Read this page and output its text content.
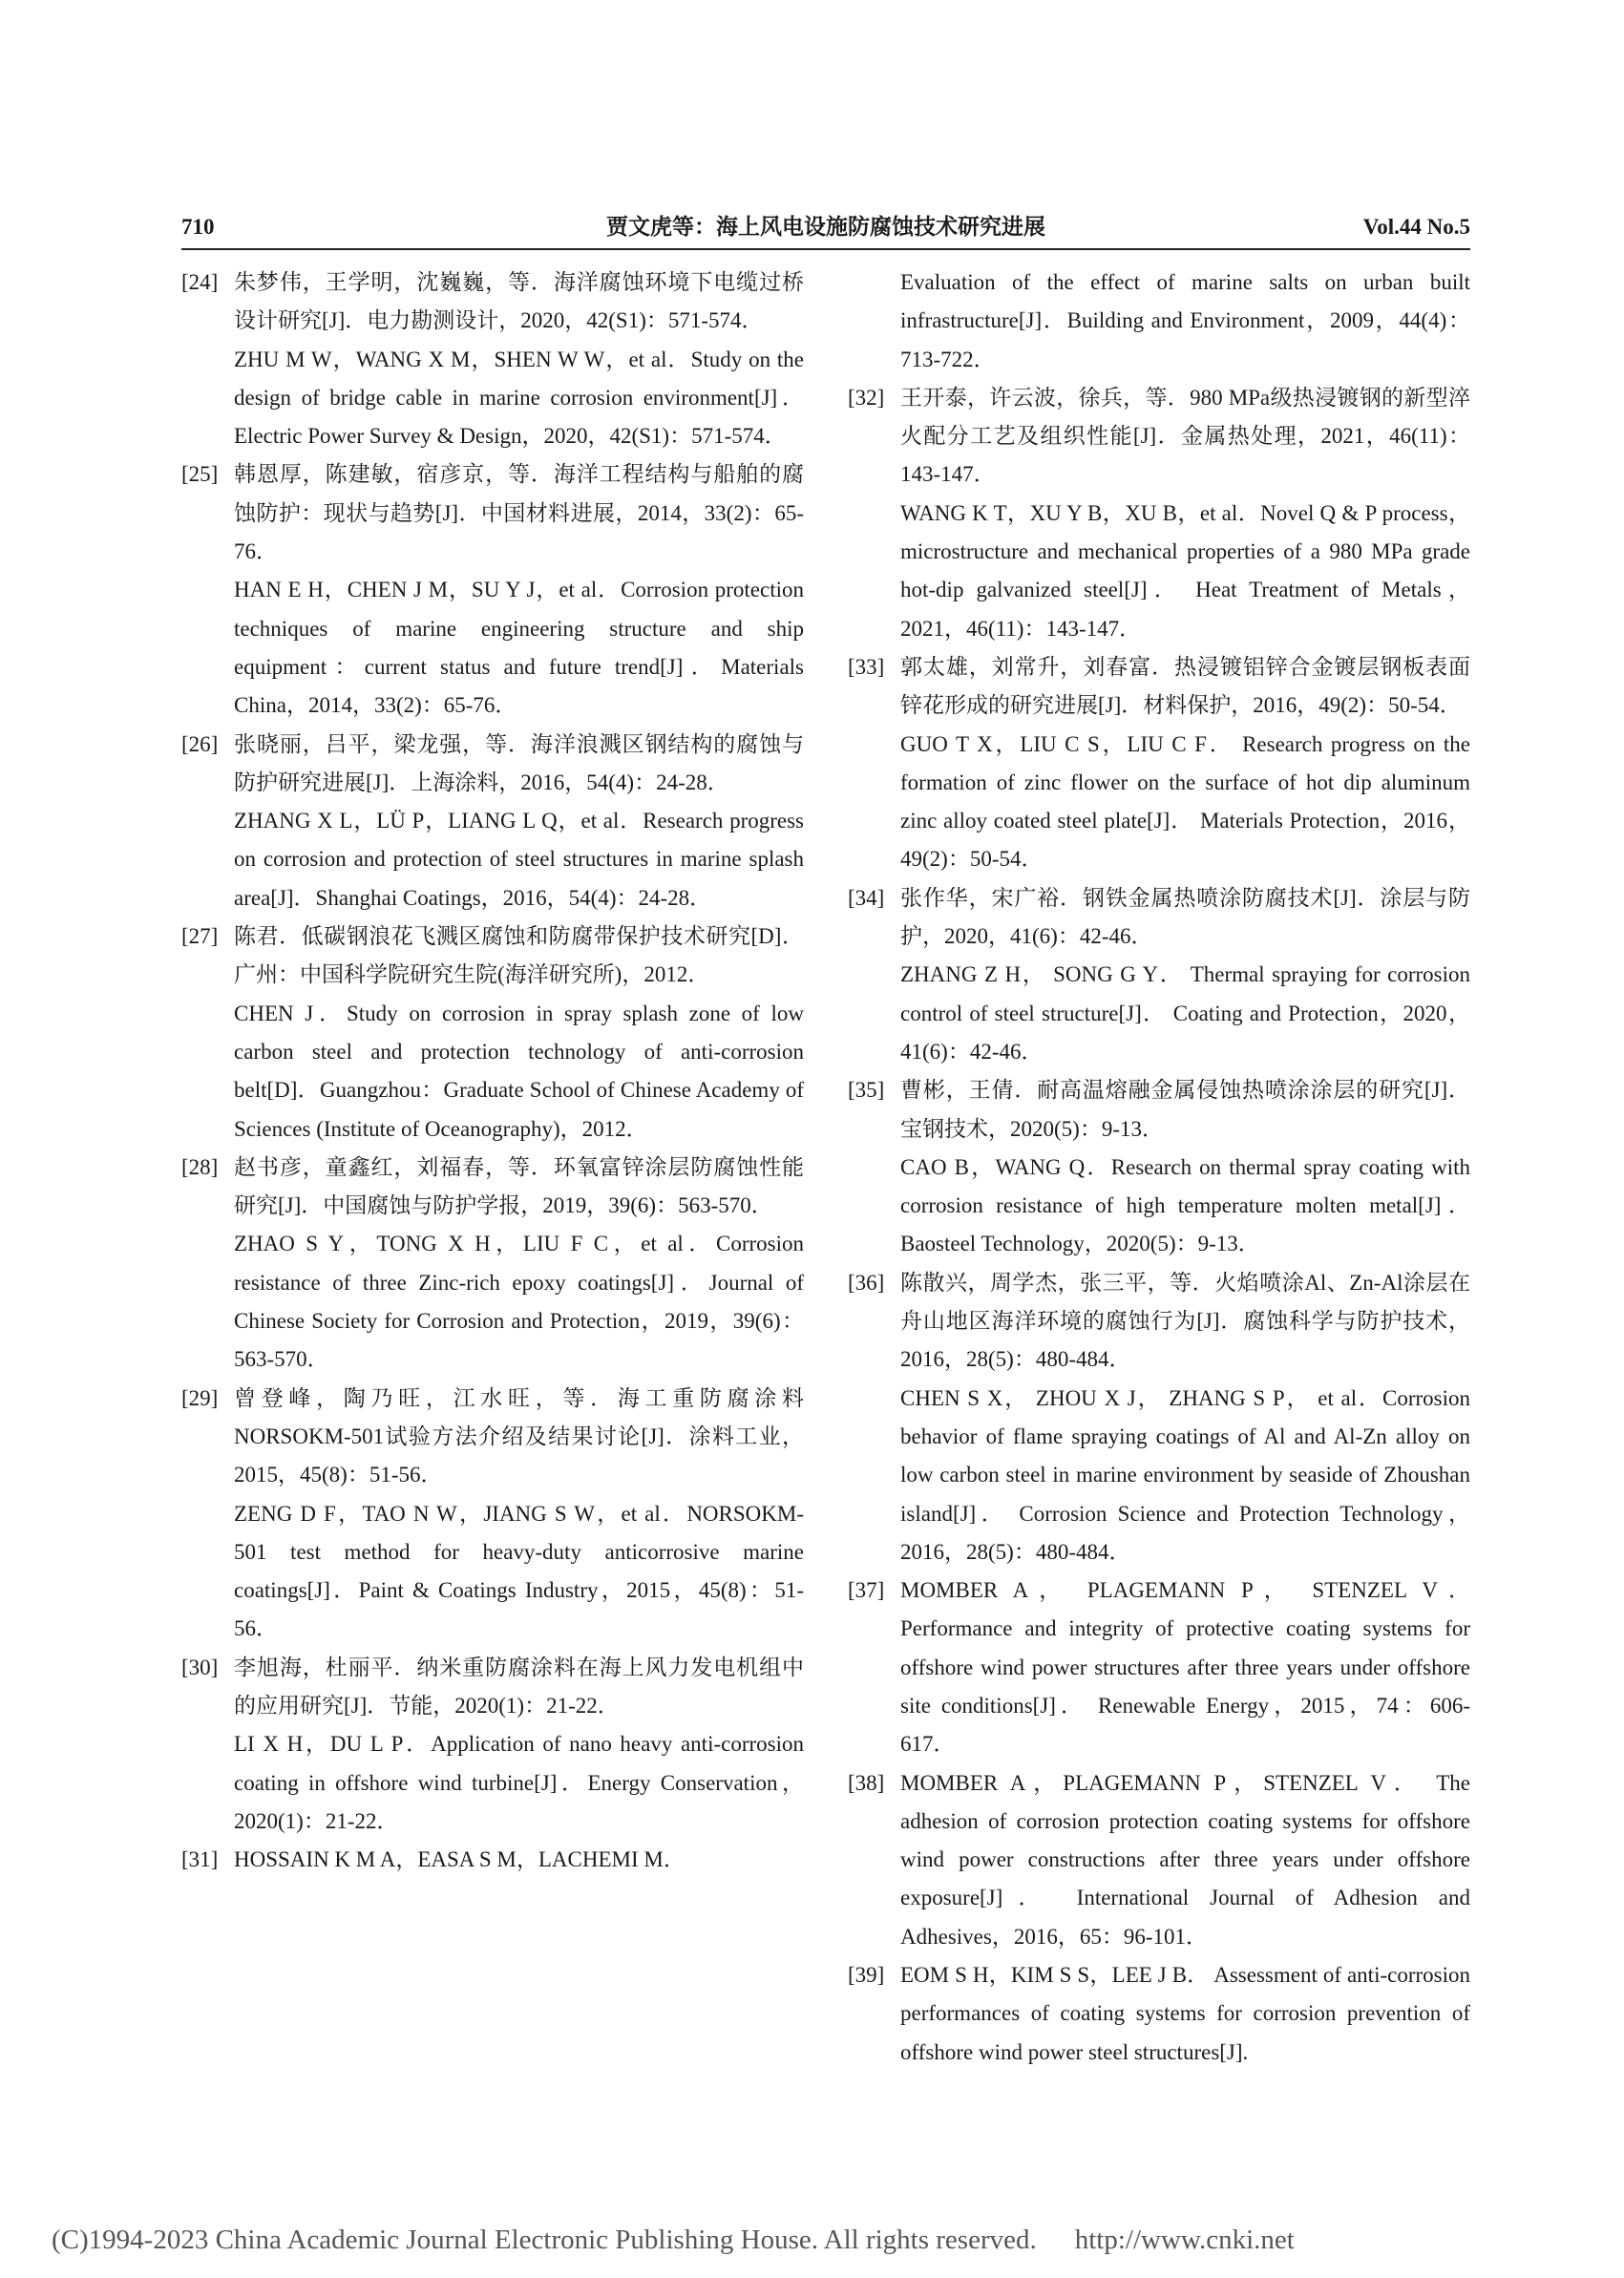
710	贾文虎等：海上风电设施防腐蚀技术研究进展	Vol.44 No.5
[24] 朱梦伟，王学明，沈巍巍，等．海洋腐蚀环境下电缆过桥设计研究[J]．电力勘测设计，2020，42(S1)：571-574．
ZHU M W，WANG X M，SHEN W W，et al．Study on the design of bridge cable in marine corrosion environment[J]． Electric Power Survey & Design，2020，42(S1)：571-574．
[25] 韩恩厚，陈建敏，宿彦京，等．海洋工程结构与船舶的腐蚀防护：现状与趋势[J]．中国材料进展，2014，33(2)：65-76．
HAN E H，CHEN J M，SU Y J，et al．Corrosion protection techniques of marine engineering structure and ship equipment：current status and future trend[J]．Materials China，2014，33(2)：65-76．
[26] 张晓丽，吕平，梁龙强，等．海洋浪溅区钢结构的腐蚀与防护研究进展[J]．上海涂料，2016，54(4)：24-28．
ZHANG X L，LÜ P，LIANG L Q，et al．Research progress on corrosion and protection of steel structures in marine splash area[J]．Shanghai Coatings，2016，54(4)：24-28．
[27] 陈君．低碳钢浪花飞溅区腐蚀和防腐带保护技术研究[D]．广州：中国科学院研究生院(海洋研究所)，2012．
CHEN J．Study on corrosion in spray splash zone of low carbon steel and protection technology of anti-corrosion belt[D]．Guangzhou：Graduate School of Chinese Academy of Sciences (Institute of Oceanography)，2012．
[28] 赵书彦，童鑫红，刘福春，等．环氧富锌涂层防腐蚀性能研究[J]．中国腐蚀与防护学报，2019，39(6)：563-570．
ZHAO S Y，TONG X H，LIU F C，et al．Corrosion resistance of three Zinc-rich epoxy coatings[J]．Journal of Chinese Society for Corrosion and Protection，2019，39(6)：563-570．
[29] 曾登峰，陶乃旺，江水旺，等．海工重防腐涂料NORSOKM-501试验方法介绍及结果讨论[J]．涂料工业，2015，45(8)：51-56．
ZENG D F，TAO N W，JIANG S W，et al．NORSOKM-501 test method for heavy-duty anticorrosive marine coatings[J]．Paint & Coatings Industry，2015，45(8)：51-56．
[30] 李旭海，杜丽平．纳米重防腐涂料在海上风力发电机组中的应用研究[J]．节能，2020(1)：21-22．
LI X H，DU L P．Application of nano heavy anti-corrosion coating in offshore wind turbine[J]．Energy Conservation，2020(1)：21-22．
[31] HOSSAIN K M A，EASA S M，LACHEMI M．
Evaluation of the effect of marine salts on urban built infrastructure[J]．Building and Environment，2009，44(4)：713-722．
[32] 王开泰，许云波，徐兵，等．980 MPa级热浸镀钢的新型淬火配分工艺及组织性能[J]．金属热处理，2021，46(11)：143-147．
WANG K T，XU Y B，XU B，et al．Novel Q & P process，microstructure and mechanical properties of a 980 MPa grade hot-dip galvanized steel[J]． Heat Treatment of Metals，2021，46(11)：143-147．
[33] 郭太雄，刘常升，刘春富．热浸镀铝锌合金镀层钢板表面锌花形成的研究进展[J]．材料保护，2016，49(2)：50-54．
GUO T X，LIU C S，LIU C F． Research progress on the formation of zinc flower on the surface of hot dip aluminum zinc alloy coated steel plate[J]． Materials Protection，2016，49(2)：50-54．
[34] 张作华，宋广裕．钢铁金属热喷涂防腐技术[J]．涂层与防护，2020，41(6)：42-46．
ZHANG Z H， SONG G Y． Thermal spraying for corrosion control of steel structure[J]． Coating and Protection，2020，41(6)：42-46．
[35] 曹彬，王倩．耐高温熔融金属侵蚀热喷涂涂层的研究[J]．宝钢技术，2020(5)：9-13．
CAO B，WANG Q．Research on thermal spray coating with corrosion resistance of high temperature molten metal[J]．Baosteel Technology，2020(5)：9-13．
[36] 陈散兴，周学杰，张三平，等．火焰喷涂Al、Zn-Al涂层在舟山地区海洋环境的腐蚀行为[J]．腐蚀科学与防护技术，2016，28(5)：480-484．
CHEN S X， ZHOU X J， ZHANG S P， et al．Corrosion behavior of flame spraying coatings of Al and Al-Zn alloy on low carbon steel in marine environment by seaside of Zhoushan island[J]． Corrosion Science and Protection Technology，2016，28(5)：480-484．
[37] MOMBER A， PLAGEMANN P， STENZEL V．Performance and integrity of protective coating systems for offshore wind power structures after three years under offshore site conditions[J]． Renewable Energy，2015，74：606-617．
[38] MOMBER A，PLAGEMANN P，STENZEL V． The adhesion of corrosion protection coating systems for offshore wind power constructions after three years under offshore exposure[J]． International Journal of Adhesion and Adhesives，2016，65：96-101．
[39] EOM S H，KIM S S，LEE J B． Assessment of anti-corrosion performances of coating systems for corrosion prevention of offshore wind power steel structures[J].
(C)1994-2023 China Academic Journal Electronic Publishing House. All rights reserved. http://www.cnki.net
